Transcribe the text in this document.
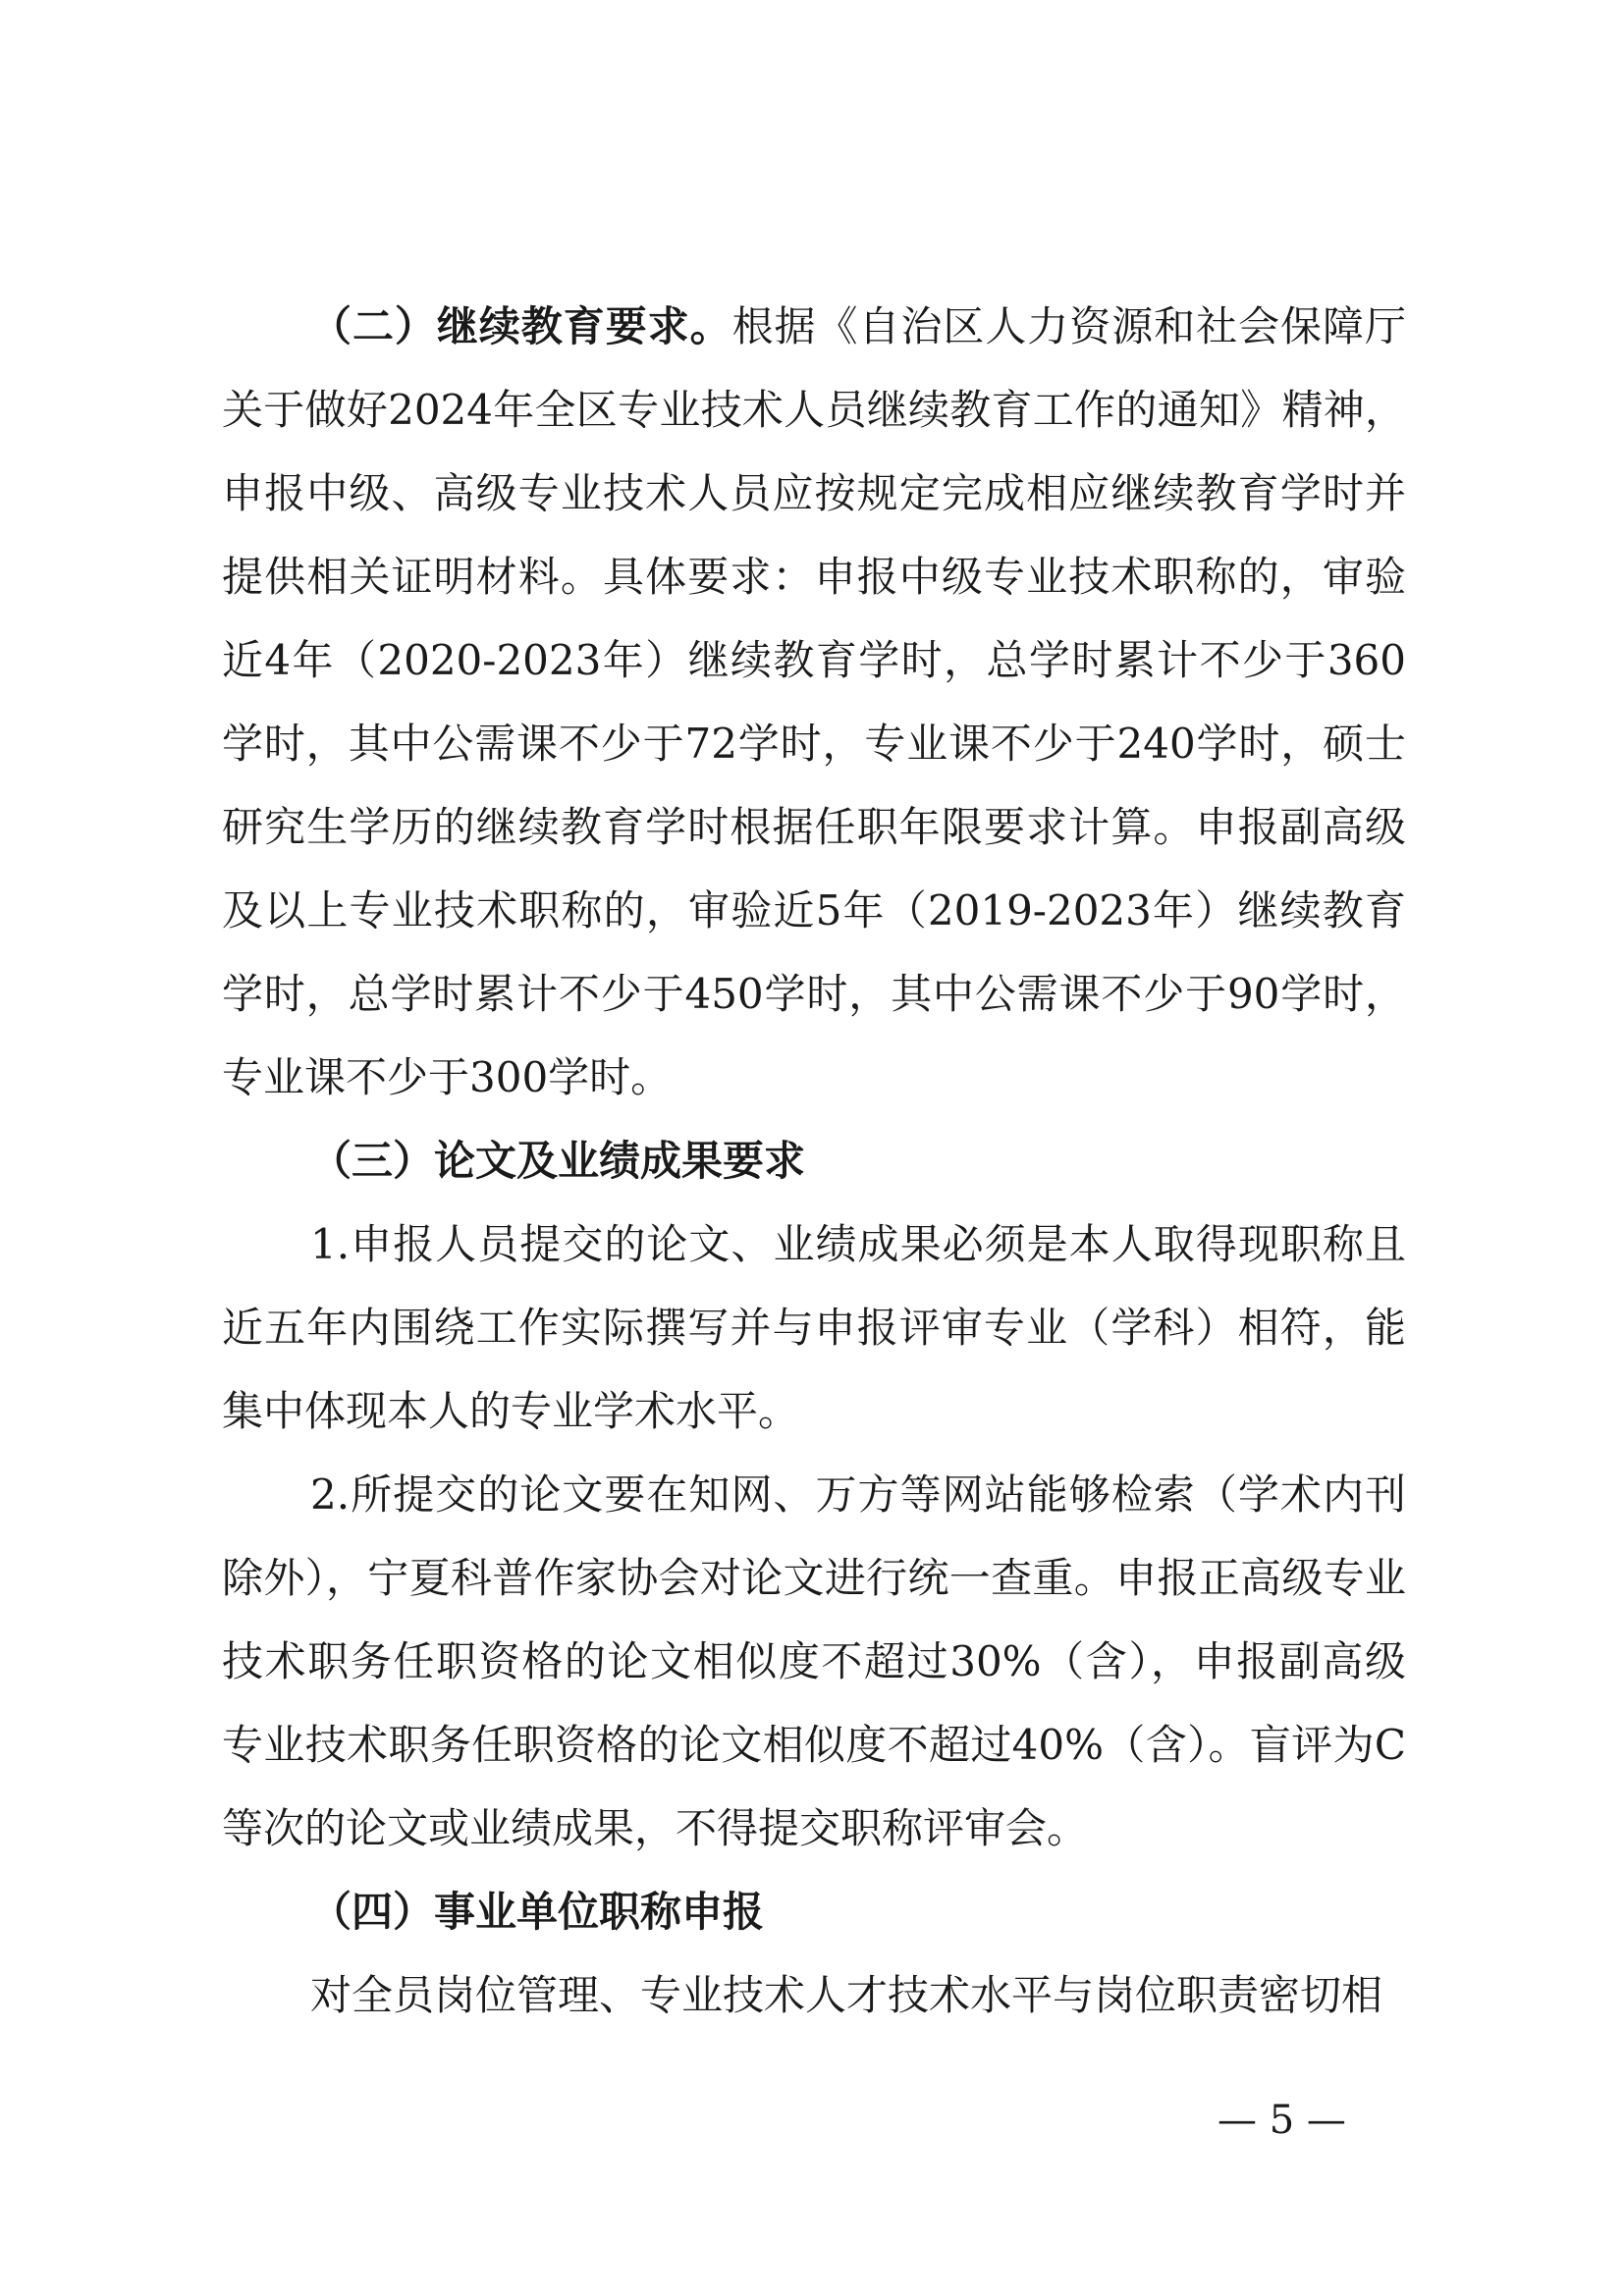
（二）继续教育要求。根据《自治区人力资源和社会保障厅关于做好2024年全区专业技术人员继续教育工作的通知》精神，申报中级、高级专业技术人员应按规定完成相应继续教育学时并提供相关证明材料。具体要求：申报中级专业技术职称的，审验近4年（2020-2023年）继续教育学时，总学时累计不少于360学时，其中公需课不少于72学时，专业课不少于240学时，硕士研究生学历的继续教育学时根据任职年限要求计算。申报副高级及以上专业技术职称的，审验近5年（2019-2023年）继续教育学时，总学时累计不少于450学时，其中公需课不少于90学时，专业课不少于300学时。

（三）论文及业绩成果要求

1.申报人员提交的论文、业绩成果必须是本人取得现职称且近五年内围绕工作实际撰写并与申报评审专业（学科）相符，能集中体现本人的专业学术水平。

2.所提交的论文要在知网、万方等网站能够检索（学术内刊除外），宁夏科普作家协会对论文进行统一查重。申报正高级专业技术职务任职资格的论文相似度不超过30%（含），申报副高级专业技术职务任职资格的论文相似度不超过40%（含）。盲评为C等次的论文或业绩成果，不得提交职称评审会。

（四）事业单位职称申报

对全员岗位管理、专业技术人才技术水平与岗位职责密切相

— 5 —
